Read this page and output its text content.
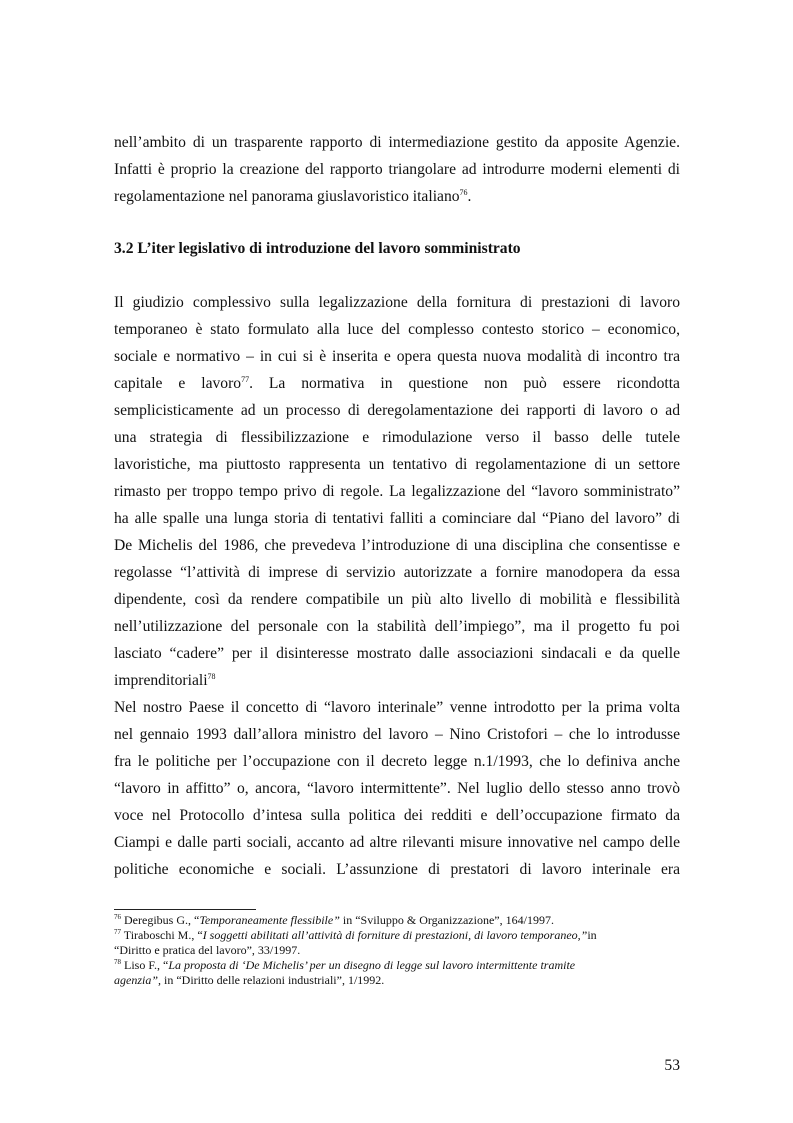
nell’ambito di un trasparente rapporto di intermediazione gestito da apposite Agenzie.

Infatti è proprio la creazione del rapporto triangolare ad introdurre moderni elementi di

regolamentazione nel panorama giuslavoristico italiano$^{76}$.

3.2 L’iter legislativo di introduzione del lavoro somministrato

Il giudizio complessivo sulla legalizzazione della fornitura di prestazioni di lavoro

temporaneo è stato formulato alla luce del complesso contesto storico – economico,

sociale e normativo – in cui si è inserita e opera questa nuova modalità di incontro tra

capitale e lavoro$^{77}$. La normativa in questione non può essere ricondotta

semplicisticamente ad un processo di deregolamentazione dei rapporti di lavoro o ad

una strategia di flessibilizzazione e rimodulazione verso il basso delle tutele

lavoristiche, ma piuttosto rappresenta un tentativo di regolamentazione di un settore

rimasto per troppo tempo privo di regole. La legalizzazione del “lavoro somministrato”

ha alle spalle una lunga storia di tentativi falliti a cominciare dal “Piano del lavoro” di

De Michelis del 1986, che prevedeva l’introduzione di una disciplina che consentisse e

regolasse “l’attività di imprese di servizio autorizzate a fornire manodopera da essa

dipendente, così da rendere compatibile un più alto livello di mobilità e flessibilità

nell’utilizzazione del personale con la stabilità dell’impiego”, ma il progetto fu poi

lasciato “cadere” per il disinteresse mostrato dalle associazioni sindacali e da quelle

imprenditoriali$^{78}$

Nel nostro Paese il concetto di “lavoro interinale” venne introdotto per la prima volta

nel gennaio 1993 dall’allora ministro del lavoro – Nino Cristofori – che lo introdusse

fra le politiche per l’occupazione con il decreto legge n.1/1993, che lo definiva anche

“lavoro in affitto” o, ancora, “lavoro intermittente”. Nel luglio dello stesso anno trovò

voce nel Protocollo d’intesa sulla politica dei redditi e dell’occupazione firmato da

Ciampi e dalle parti sociali, accanto ad altre rilevanti misure innovative nel campo delle

politiche economiche e sociali. L’assunzione di prestatori di lavoro interinale era

$^{76}$ Deregibus G., “Temporaneamente flessibile” in “Sviluppo & Organizzazione”, 164/1997.

$^{77}$ Tiraboschi M., “I soggetti abilitati all’attività di forniture di prestazioni, di lavoro temporaneo,”in

“Diritto e pratica del lavoro”, 33/1997.

$^{78}$ Liso F., “La proposta di ‘De Michelis’ per un disegno di legge sul lavoro intermittente tramite

agenzia”, in “Diritto delle relazioni industriali”, 1/1992.

53
